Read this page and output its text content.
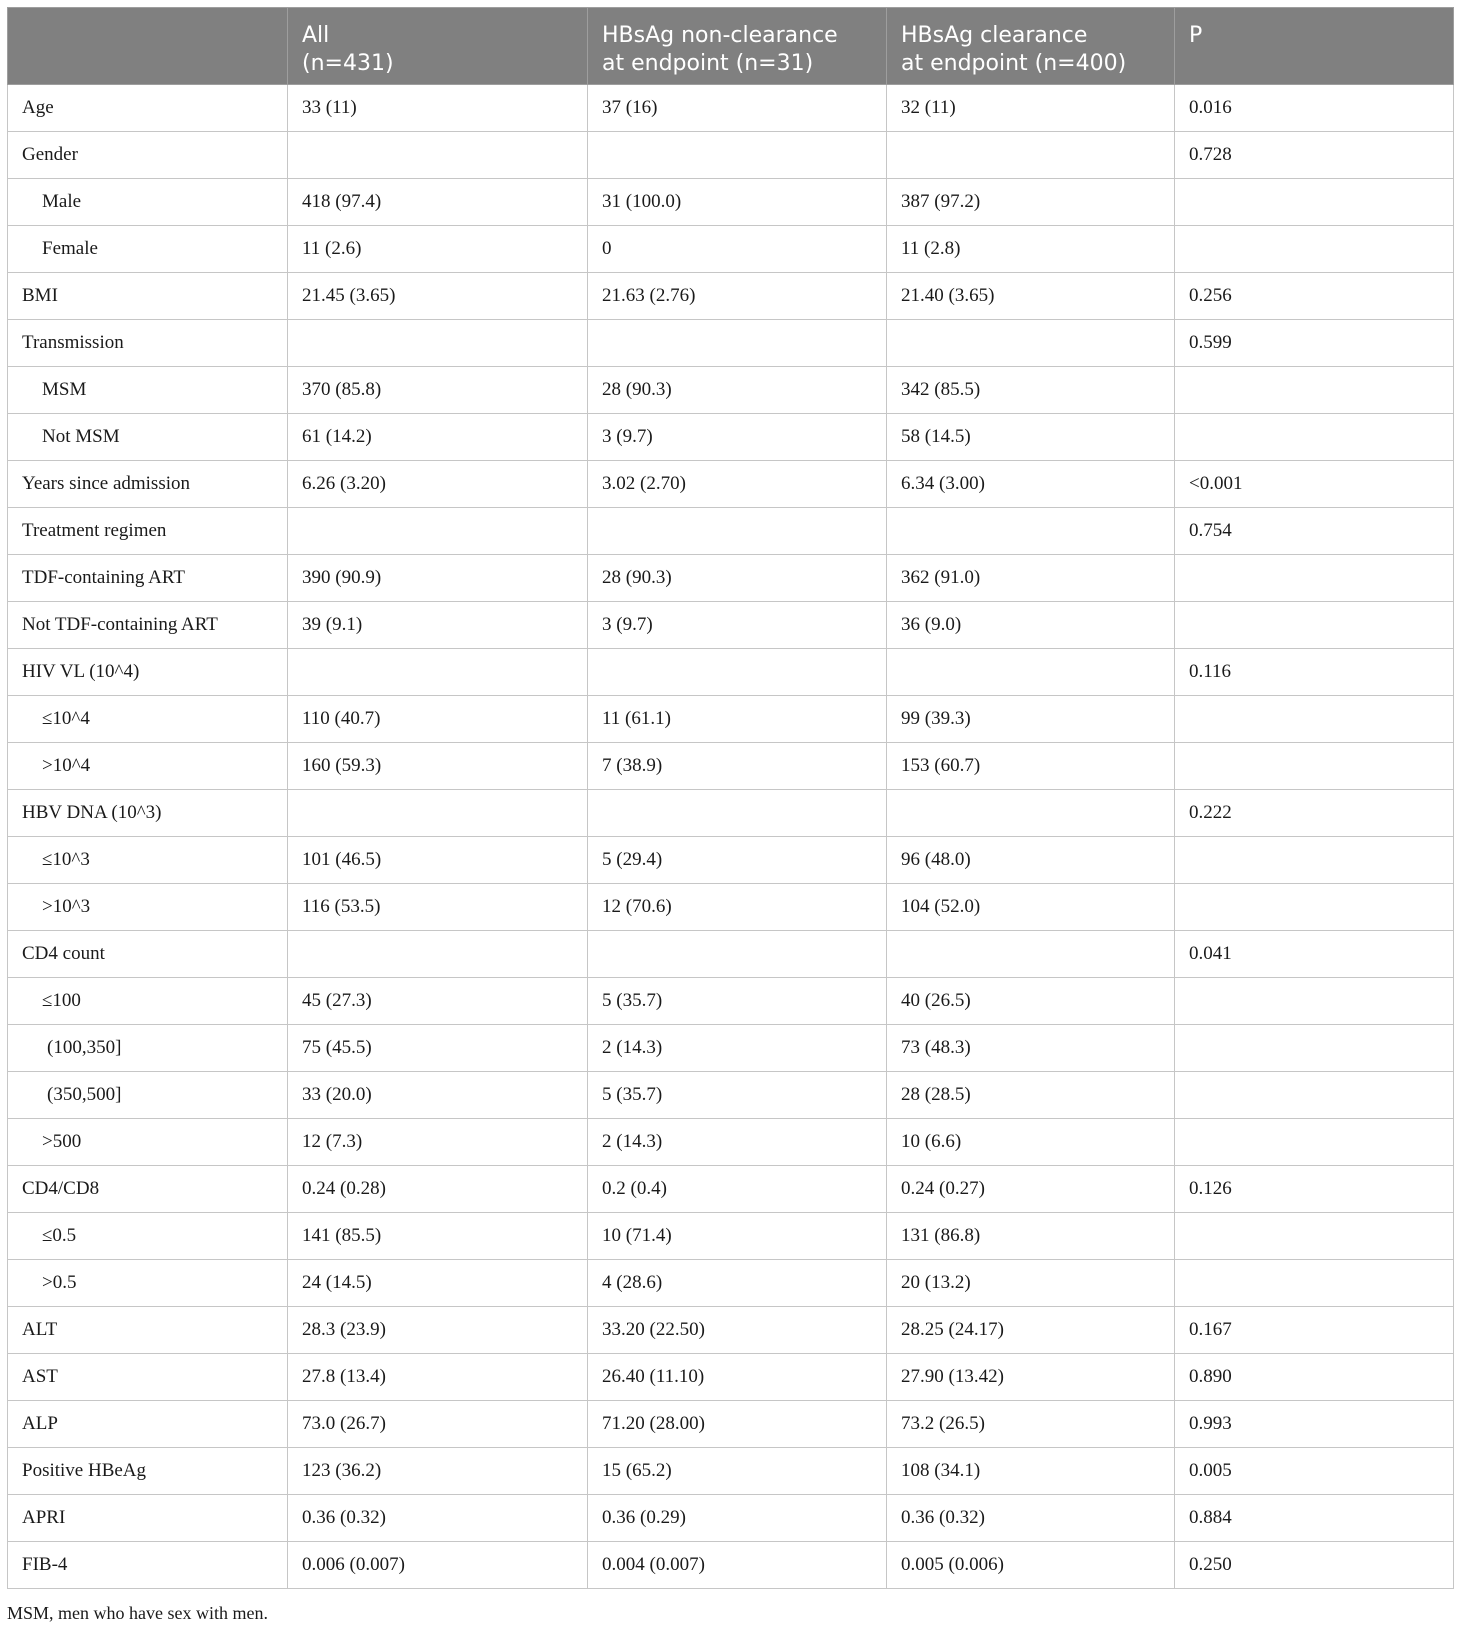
	All
(n=431)	HBsAg non-clearance
at endpoint (n=31)	HBsAg clearance
at endpoint (n=400)	P
Age	33 (11)	37 (16)	32 (11)	0.016
Gender				0.728
Male	418 (97.4)	31 (100.0)	387 (97.2)	
Female	11 (2.6)	0	11 (2.8)	
BMI	21.45 (3.65)	21.63 (2.76)	21.40 (3.65)	0.256
Transmission				0.599
MSM	370 (85.8)	28 (90.3)	342 (85.5)	
Not MSM	61 (14.2)	3 (9.7)	58 (14.5)	
Years since admission	6.26 (3.20)	3.02 (2.70)	6.34 (3.00)	<0.001
Treatment regimen				0.754
TDF-containing ART	390 (90.9)	28 (90.3)	362 (91.0)	
Not TDF-containing ART	39 (9.1)	3 (9.7)	36 (9.0)	
HIV VL (10^4)				0.116
≤10^4	110 (40.7)	11 (61.1)	99 (39.3)	
>10^4	160 (59.3)	7 (38.9)	153 (60.7)	
HBV DNA (10^3)				0.222
≤10^3	101 (46.5)	5 (29.4)	96 (48.0)	
>10^3	116 (53.5)	12 (70.6)	104 (52.0)	
CD4 count				0.041
≤100	45 (27.3)	5 (35.7)	40 (26.5)	
(100,350]	75 (45.5)	2 (14.3)	73 (48.3)	
(350,500]	33 (20.0)	5 (35.7)	28 (28.5)	
>500	12 (7.3)	2 (14.3)	10 (6.6)	
CD4/CD8	0.24 (0.28)	0.2 (0.4)	0.24 (0.27)	0.126
≤0.5	141 (85.5)	10 (71.4)	131 (86.8)	
>0.5	24 (14.5)	4 (28.6)	20 (13.2)	
ALT	28.3 (23.9)	33.20 (22.50)	28.25 (24.17)	0.167
AST	27.8 (13.4)	26.40 (11.10)	27.90 (13.42)	0.890
ALP	73.0 (26.7)	71.20 (28.00)	73.2 (26.5)	0.993
Positive HBeAg	123 (36.2)	15 (65.2)	108 (34.1)	0.005
APRI	0.36 (0.32)	0.36 (0.29)	0.36 (0.32)	0.884
FIB-4	0.006 (0.007)	0.004 (0.007)	0.005 (0.006)	0.250
MSM, men who have sex with men.
